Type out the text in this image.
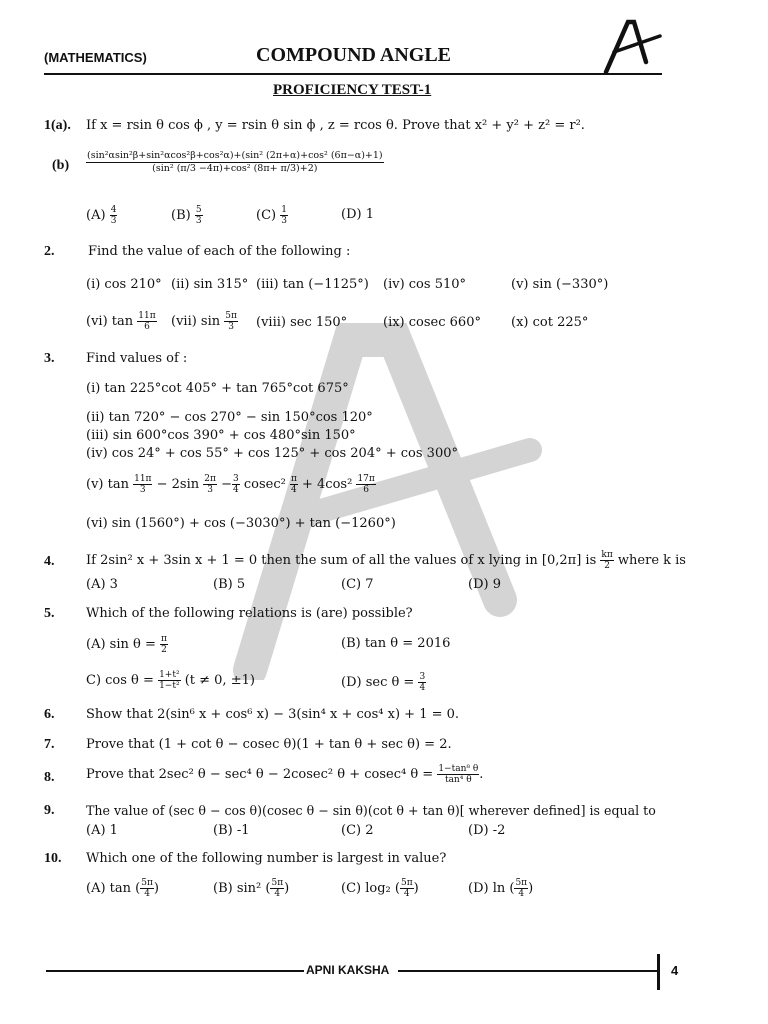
(MATHEMATICS)	COMPOUND ANGLE
PROFICIENCY TEST-1
1(a). If x = rsin θ cos ϕ , y = rsin θ sin ϕ , z = rcos θ. Prove that x² + y² + z² = r².
$(b) \frac{\text{(sin²αsin²β+sin²αcos²β+cos²α)+(sin² (2π+α)+cos² (6π−α)+1)}}{\text{(sin² (π/3 −4π)+cos² (8π+ π/3)+2)}}$
$(A) \frac{4}{3}$	$(B) \frac{5}{3}$	$(C) \frac{1}{3}$	(D) 1
2.	Find the value of each of the following :
(i) cos 210° (ii) sin 315° (iii) tan (−1125°) (iv) cos 510°	(v) sin (−330°)
(vi) $\tan \frac{11\pi}{6} (vii)$ $\sin \frac{5\pi}{3}$ (viii) sec 150°	(ix) cosec 660° (x) cot 225°
3. Find values of :
(i) tan 225°cot 405° + tan 765°cot 675°
(ii) tan 720° − cos 270° − sin 150°cos 120°
(iii) sin 600°cos 390° + cos 480°sin 150°
(iv) cos 24° + cos 55° + cos 125° + cos 204° + cos 300°
(v) $\tan \frac{11\pi}{3} - 2\sin \frac{2\pi}{3} - \frac{3}{4} cosec^2 \frac{\pi}{4} + 4\cos^2 \frac{17\pi}{6}$
(vi) sin (1560°) + cos (−3030°) + tan (−1260°)
4. If 2sin² x + 3sin x + 1 = 0 then the sum of all the values of x lying in [0,2π] is $\frac{k\pi}{2}$ where k is
(A) 3	(B) 5	(C) 7	(D) 9
5. Which of the following relations is (are) possible?
(A) $\sin \theta = \frac{\pi}{2}$	(B) tan θ = 2016
C) $\cos \theta = \frac{\text{1+t²}}{\text{1−t²}} (t \ne 0$, ±1)	(D) $\sec \theta = \frac{3}{4}$
6. Show that 2(sin⁶ x + cos⁶ x) − 3(sin⁴ x + cos⁴ x) + 1 = 0.
7. Prove that (1 + cot θ − cosec θ)(1 + tan θ + sec θ) = 2.
8. Prove that 2sec² θ − sec⁴ θ − 2cosec² θ + cosec⁴ $\theta = \frac{\text{1−tan⁸ θ}}{\text{tan⁴ θ}}$ .
9.	The value of (sec θ − cos θ)(cosec θ − sin θ)(cot θ + tan θ)[ wherever defined] is equal to
(A) 1	(B) -1	(C) 2	(D) -2
10. Which one of the following number is largest in value?
(A) tan ( $\frac{5\pi}{4}$ )	(B) sin² ( $\frac{5\pi}{4}$ )	(C) log₂ ( $\frac{5\pi}{4}$ )	(D) ln ( $\frac{5\pi}{4}$ )
APNI KAKSHA	4
